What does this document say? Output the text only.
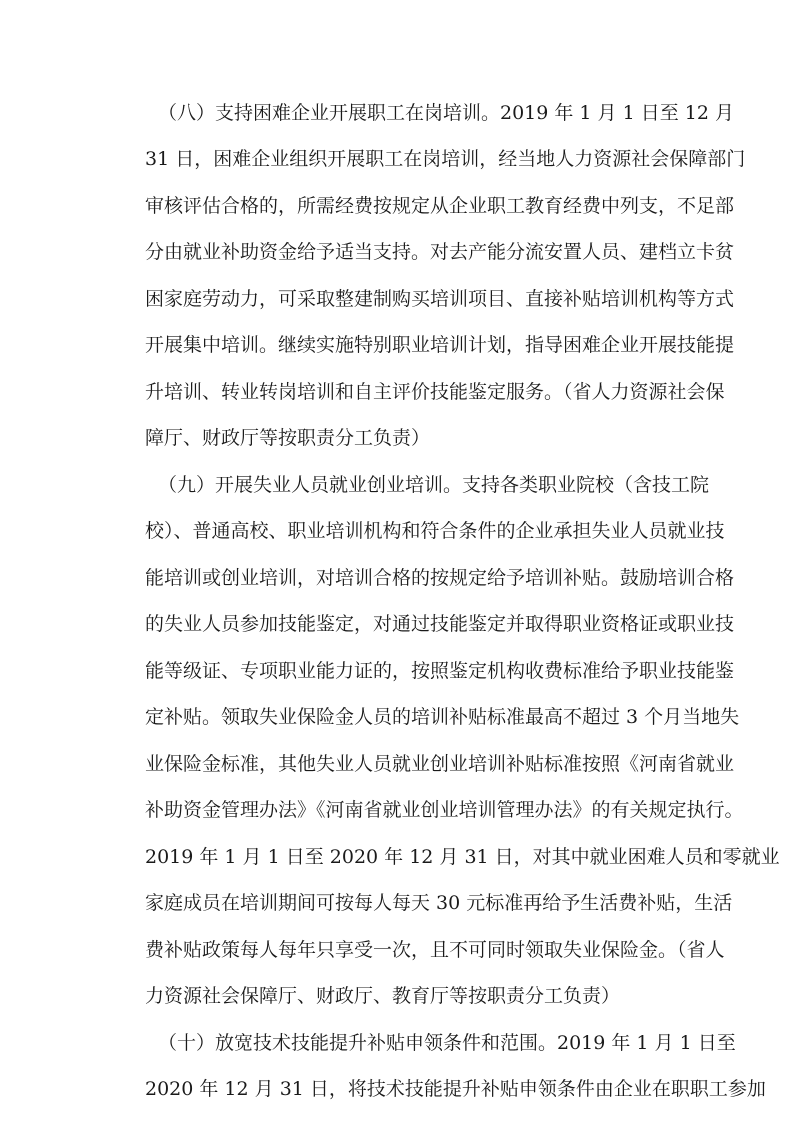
（八）支持困难企业开展职工在岗培训。2019 年 1 月 1 日至 12 月
31 日，困难企业组织开展职工在岗培训，经当地人力资源社会保障部门
审核评估合格的，所需经费按规定从企业职工教育经费中列支，不足部
分由就业补助资金给予适当支持。对去产能分流安置人员、建档立卡贫
困家庭劳动力，可采取整建制购买培训项目、直接补贴培训机构等方式
开展集中培训。继续实施特别职业培训计划，指导困难企业开展技能提
升培训、转业转岗培训和自主评价技能鉴定服务。（省人力资源社会保
障厅、财政厅等按职责分工负责）
（九）开展失业人员就业创业培训。支持各类职业院校（含技工院
校）、普通高校、职业培训机构和符合条件的企业承担失业人员就业技
能培训或创业培训，对培训合格的按规定给予培训补贴。鼓励培训合格
的失业人员参加技能鉴定，对通过技能鉴定并取得职业资格证或职业技
能等级证、专项职业能力证的，按照鉴定机构收费标准给予职业技能鉴
定补贴。领取失业保险金人员的培训补贴标准最高不超过 3 个月当地失
业保险金标准，其他失业人员就业创业培训补贴标准按照《河南省就业
补助资金管理办法》《河南省就业创业培训管理办法》的有关规定执行。
2019 年 1 月 1 日至 2020 年 12 月 31 日，对其中就业困难人员和零就业
家庭成员在培训期间可按每人每天 30 元标准再给予生活费补贴，生活
费补贴政策每人每年只享受一次，且不可同时领取失业保险金。（省人
力资源社会保障厅、财政厅、教育厅等按职责分工负责）
（十）放宽技术技能提升补贴申领条件和范围。2019 年 1 月 1 日至
2020 年 12 月 31 日，将技术技能提升补贴申领条件由企业在职职工参加
